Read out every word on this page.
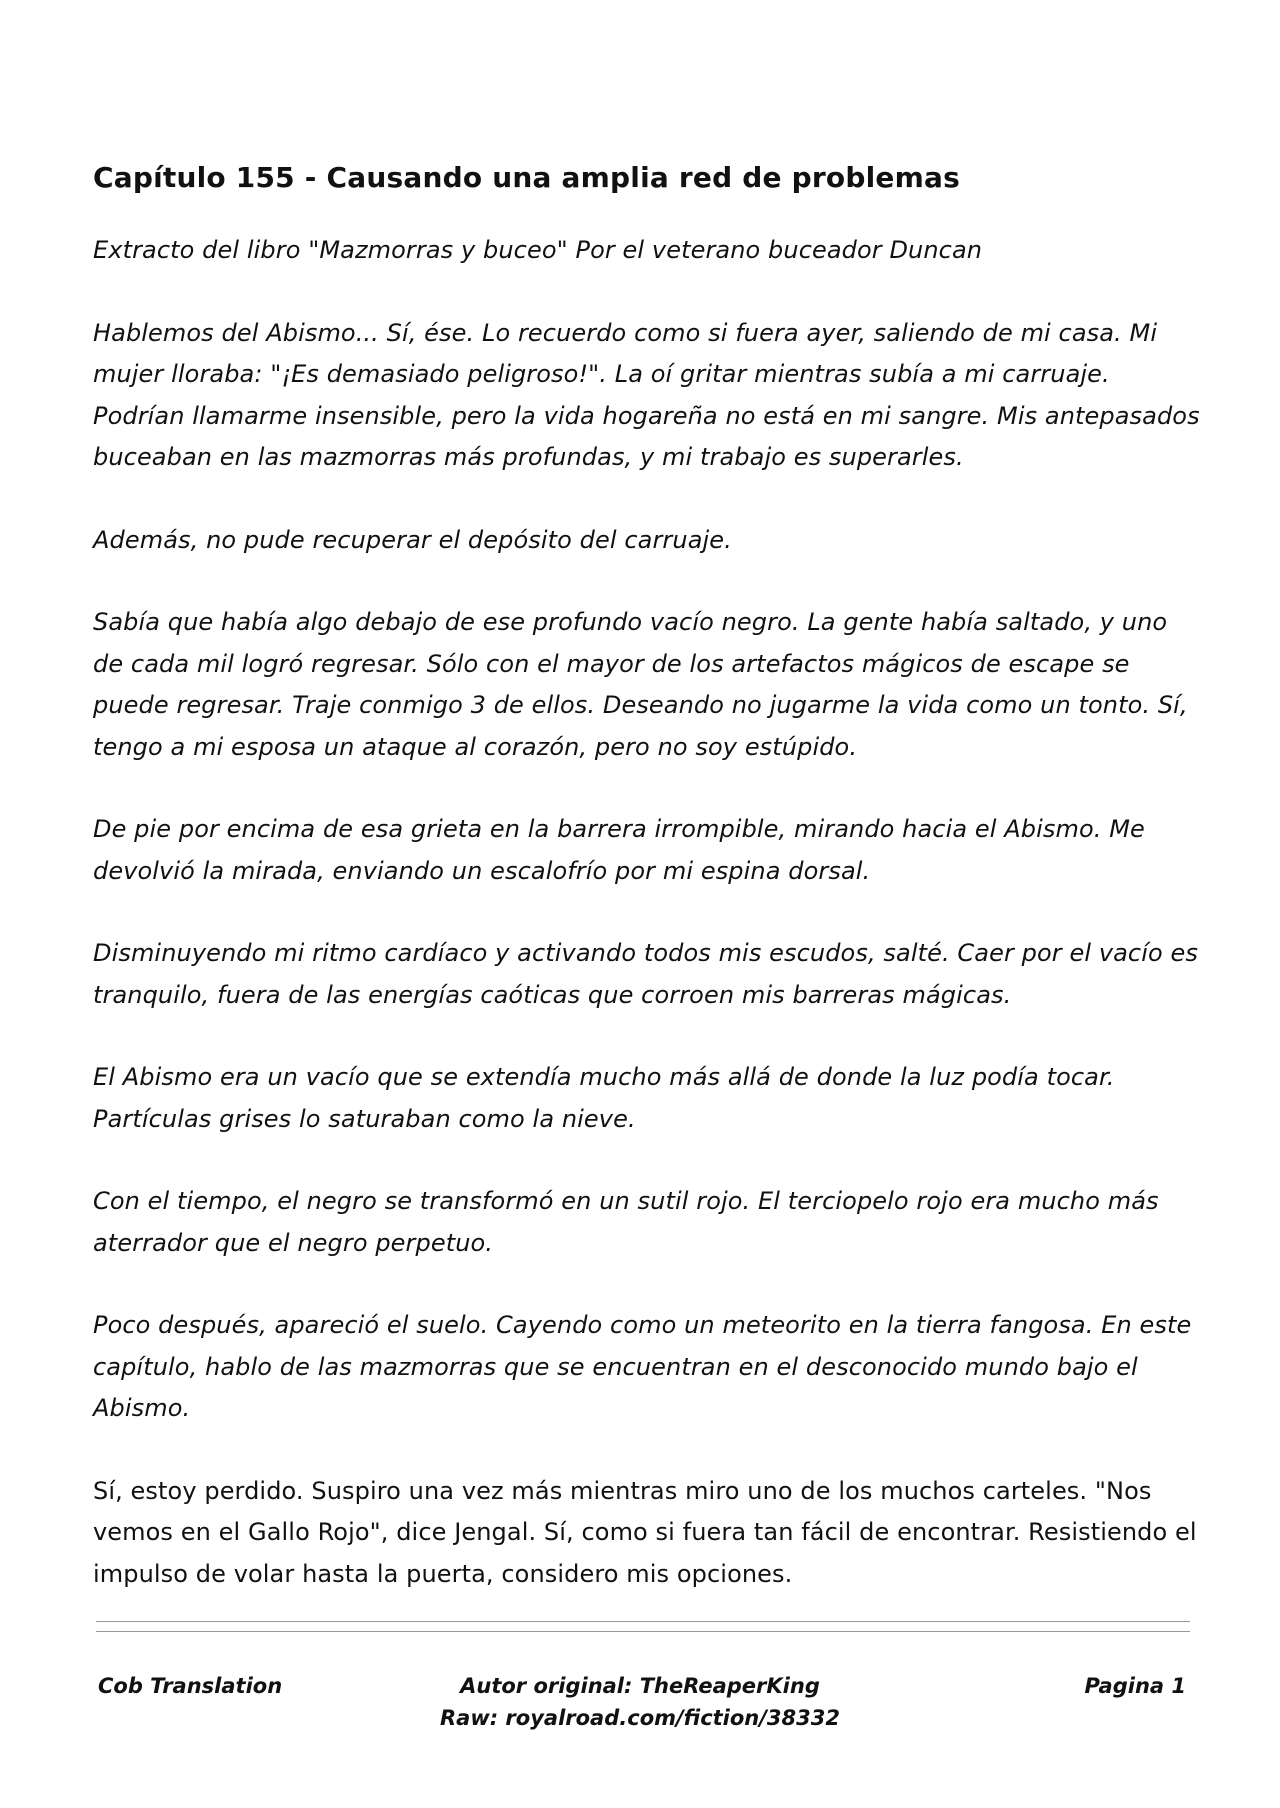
Capítulo 155 - Causando una amplia red de problemas

Extracto del libro "Mazmorras y buceo" Por el veterano buceador Duncan

Hablemos del Abismo... Sí, ése. Lo recuerdo como si fuera ayer, saliendo de mi casa. Mi mujer lloraba: "¡Es demasiado peligroso!". La oí gritar mientras subía a mi carruaje. Podrían llamarme insensible, pero la vida hogareña no está en mi sangre. Mis antepasados buceaban en las mazmorras más profundas, y mi trabajo es superarles.

Además, no pude recuperar el depósito del carruaje.

Sabía que había algo debajo de ese profundo vacío negro. La gente había saltado, y uno de cada mil logró regresar. Sólo con el mayor de los artefactos mágicos de escape se puede regresar. Traje conmigo 3 de ellos. Deseando no jugarme la vida como un tonto. Sí, tengo a mi esposa un ataque al corazón, pero no soy estúpido.

De pie por encima de esa grieta en la barrera irrompible, mirando hacia el Abismo. Me devolvió la mirada, enviando un escalofrío por mi espina dorsal.

Disminuyendo mi ritmo cardíaco y activando todos mis escudos, salté. Caer por el vacío es tranquilo, fuera de las energías caóticas que corroen mis barreras mágicas.

El Abismo era un vacío que se extendía mucho más allá de donde la luz podía tocar. Partículas grises lo saturaban como la nieve.

Con el tiempo, el negro se transformó en un sutil rojo. El terciopelo rojo era mucho más aterrador que el negro perpetuo.

Poco después, apareció el suelo. Cayendo como un meteorito en la tierra fangosa. En este capítulo, hablo de las mazmorras que se encuentran en el desconocido mundo bajo el Abismo.

Sí, estoy perdido. Suspiro una vez más mientras miro uno de los muchos carteles. "Nos vemos en el Gallo Rojo", dice Jengal. Sí, como si fuera tan fácil de encontrar. Resistiendo el impulso de volar hasta la puerta, considero mis opciones.

Cob Translation	Autor original: TheReaperKing
Raw: royalroad.com/fiction/38332
Pagina 1
